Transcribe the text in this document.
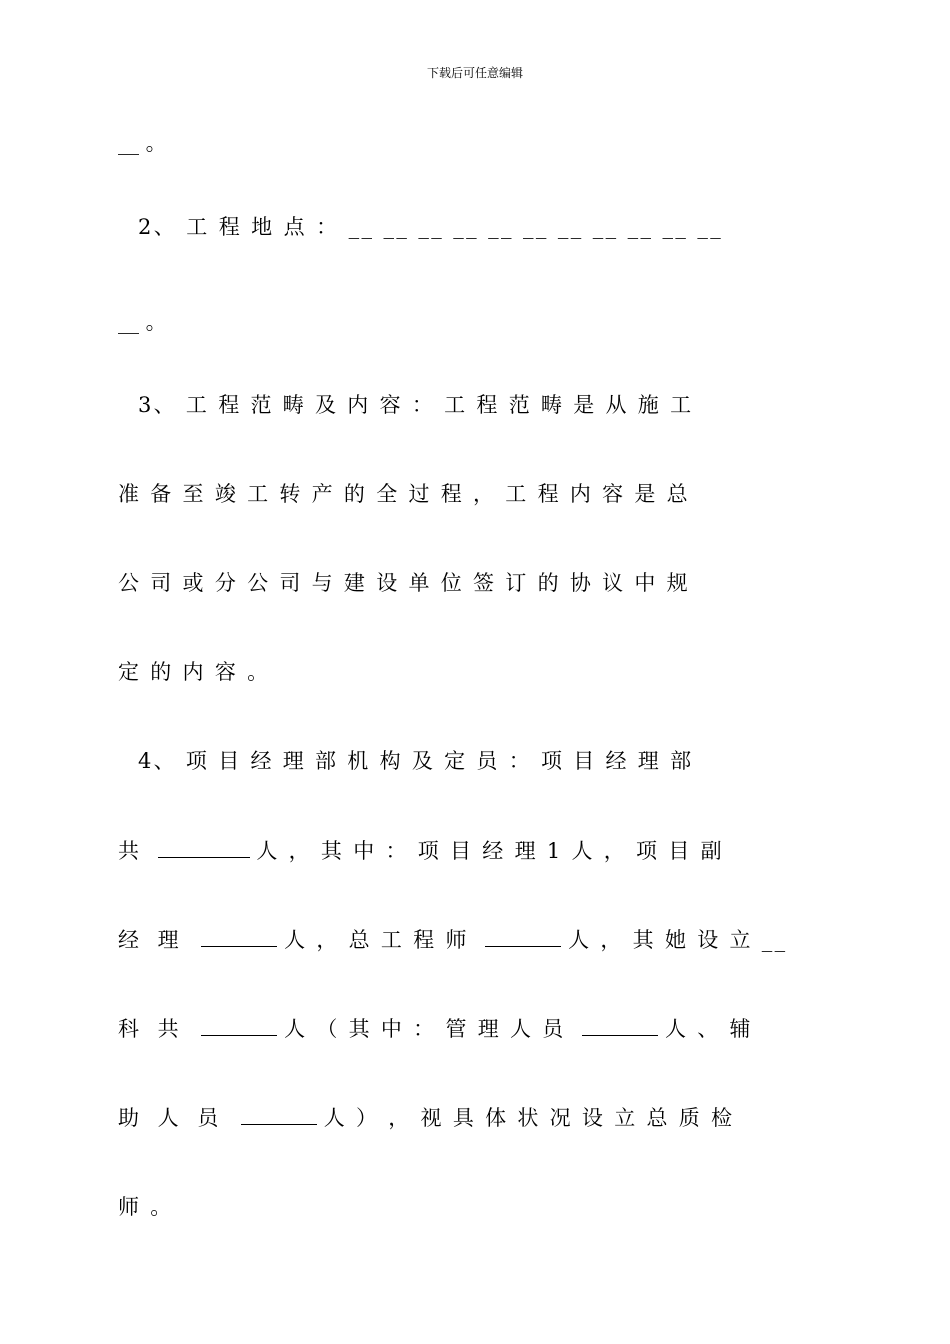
下载后可任意编辑
__ 。
2、 工 程 地 点 ： __ __ __ __ __ __ __ __ __ __ __
__ 。
3、 工 程 范 畴 及 内 容 ： 工 程 范 畴 是 从 施 工
准 备 至 竣 工 转 产 的 全 过 程 ， 工 程 内 容 是 总
公 司 或 分 公 司 与 建 设 单 位 签 订 的 协 议 中 规
定 的 内 容 。
4、 项 目 经 理 部 机 构 及 定 员 ： 项 目 经 理 部
共	人 ， 其 中 ： 项 目 经 理 1 人 ， 项 目 副
经 理	人 ， 总 工 程 师	人 ， 其 她 设 立 __
科 共	人 （ 其 中 ： 管 理 人 员	人 、 辅
助 人 员	人 ） ， 视 具 体 状 况 设 立 总 质 检
师 。
